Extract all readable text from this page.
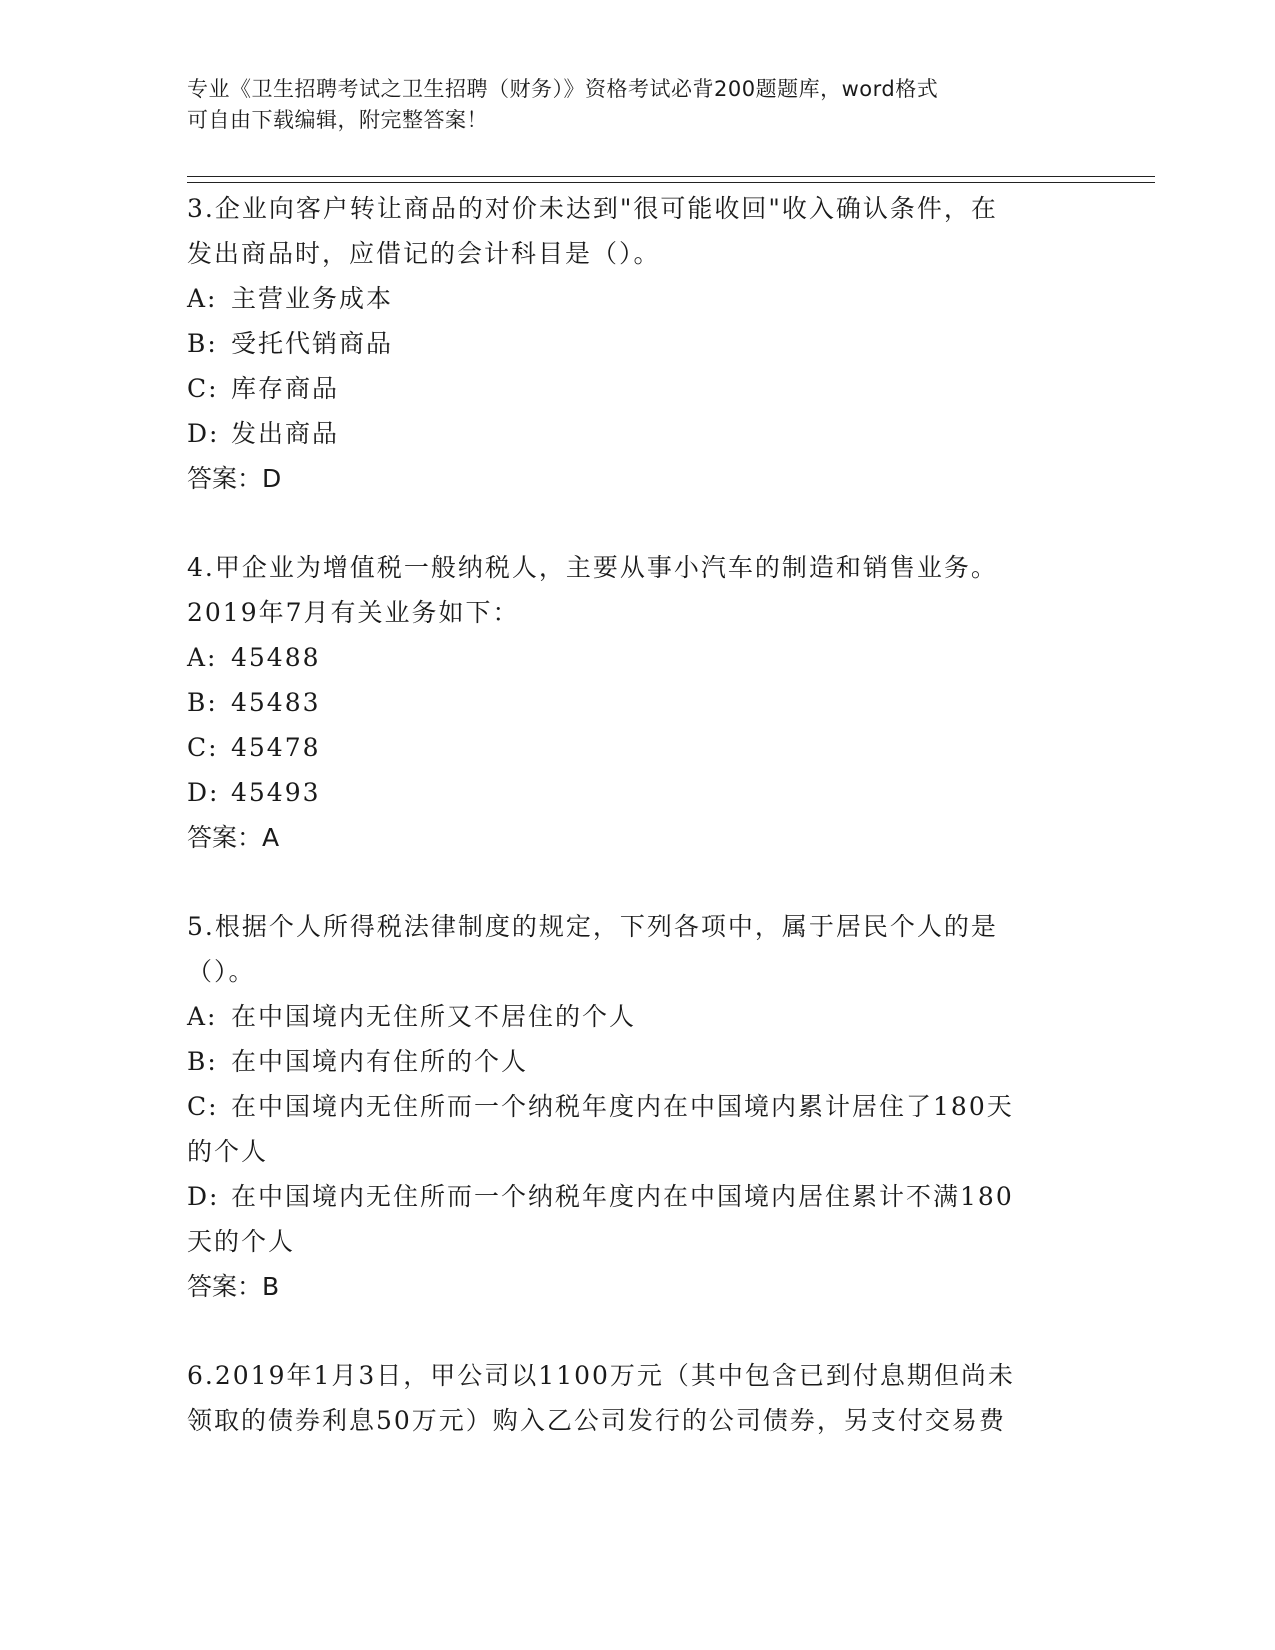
专业《卫生招聘考试之卫生招聘（财务）》资格考试必背200题题库，word格式
可自由下载编辑，附完整答案！
3.企业向客户转让商品的对价未达到"很可能收回"收入确认条件，在
发出商品时，应借记的会计科目是（）。
A: 主营业务成本
B: 受托代销商品
C: 库存商品
D: 发出商品
答案：D
4.甲企业为增值税一般纳税人，主要从事小汽车的制造和销售业务。
2019年7月有关业务如下：
A: 45488
B: 45483
C: 45478
D: 45493
答案：A
5.根据个人所得税法律制度的规定，下列各项中，属于居民个人的是
（）。
A: 在中国境内无住所又不居住的个人
B: 在中国境内有住所的个人
C: 在中国境内无住所而一个纳税年度内在中国境内累计居住了180天
的个人
D: 在中国境内无住所而一个纳税年度内在中国境内居住累计不满180
天的个人
答案：B
6.2019年1月3日，甲公司以1100万元（其中包含已到付息期但尚未
领取的债券利息50万元）购入乙公司发行的公司债券，另支付交易费
